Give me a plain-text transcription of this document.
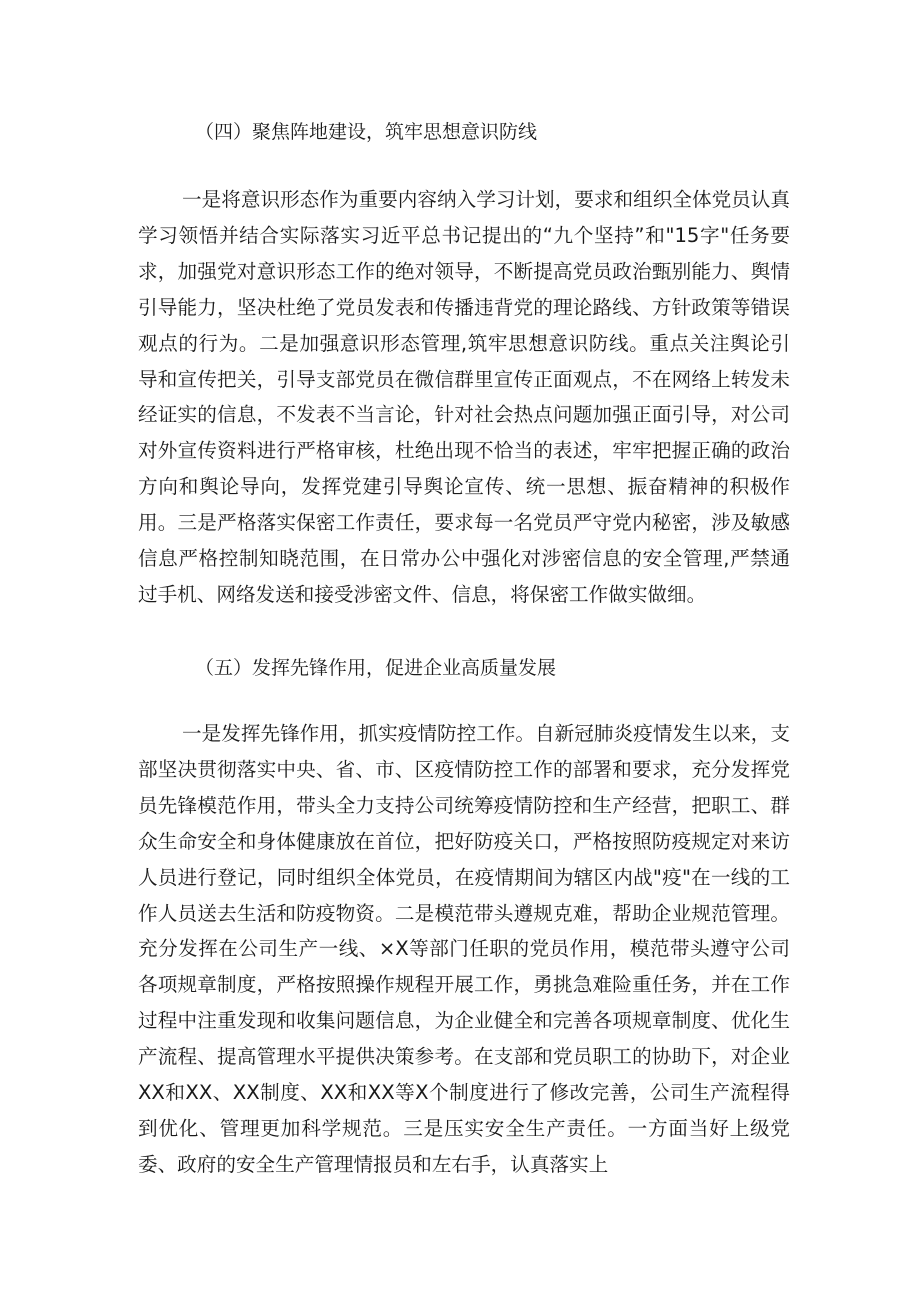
（四）聚焦阵地建设，筑牢思想意识防线

一是将意识形态作为重要内容纳入学习计划，要求和组织全体党员认真学习领悟并结合实际落实习近平总书记提出的“九个坚持”和"15字"任务要求，加强党对意识形态工作的绝对领导，不断提高党员政治甄别能力、舆情引导能力，坚决杜绝了党员发表和传播违背党的理论路线、方针政策等错误观点的行为。二是加强意识形态管理,筑牢思想意识防线。重点关注舆论引导和宣传把关，引导支部党员在微信群里宣传正面观点，不在网络上转发未经证实的信息，不发表不当言论，针对社会热点问题加强正面引导，对公司对外宣传资料进行严格审核，杜绝出现不恰当的表述，牢牢把握正确的政治方向和舆论导向，发挥党建引导舆论宣传、统一思想、振奋精神的积极作用。三是严格落实保密工作责任，要求每一名党员严守党内秘密，涉及敏感信息严格控制知晓范围，在日常办公中强化对涉密信息的安全管理,严禁通过手机、网络发送和接受涉密文件、信息，将保密工作做实做细。

（五）发挥先锋作用，促进企业高质量发展

一是发挥先锋作用，抓实疫情防控工作。自新冠肺炎疫情发生以来，支部坚决贯彻落实中央、省、市、区疫情防控工作的部署和要求，充分发挥党员先锋模范作用，带头全力支持公司统筹疫情防控和生产经营，把职工、群众生命安全和身体健康放在首位，把好防疫关口，严格按照防疫规定对来访人员进行登记，同时组织全体党员，在疫情期间为辖区内战"疫"在一线的工作人员送去生活和防疫物资。二是模范带头遵规克难，帮助企业规范管理。充分发挥在公司生产一线、×X等部门任职的党员作用，模范带头遵守公司各项规章制度，严格按照操作规程开展工作，勇挑急难险重任务，并在工作过程中注重发现和收集问题信息，为企业健全和完善各项规章制度、优化生产流程、提高管理水平提供决策参考。在支部和党员职工的协助下，对企业XX和XX、XX制度、XX和XX等X个制度进行了修改完善，公司生产流程得到优化、管理更加科学规范。三是压实安全生产责任。一方面当好上级党委、政府的安全生产管理情报员和左右手，认真落实上
